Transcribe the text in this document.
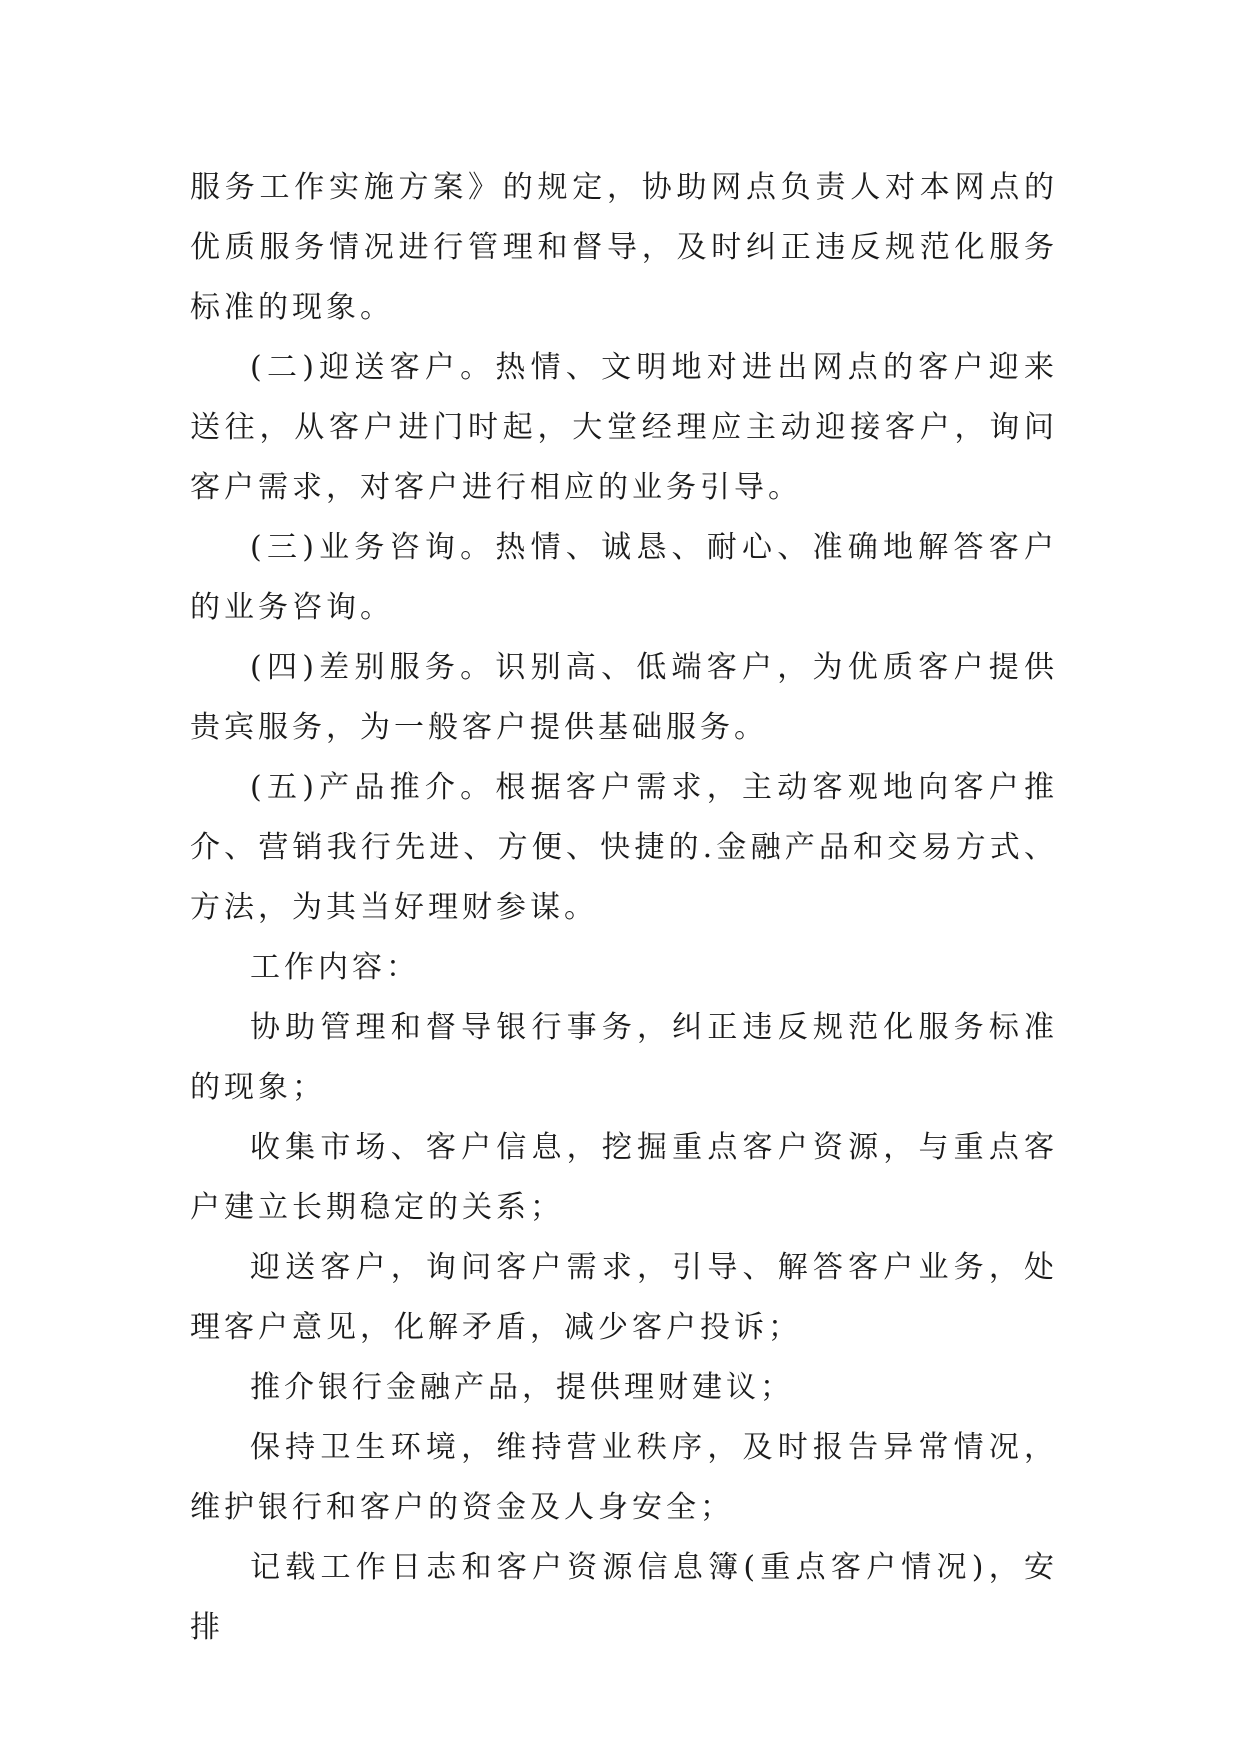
服务工作实施方案》的规定，协助网点负责人对本网点的优质服务情况进行管理和督导，及时纠正违反规范化服务标准的现象。

(二)迎送客户。热情、文明地对进出网点的客户迎来送往，从客户进门时起，大堂经理应主动迎接客户，询问客户需求，对客户进行相应的业务引导。

(三)业务咨询。热情、诚恳、耐心、准确地解答客户的业务咨询。

(四)差别服务。识别高、低端客户，为优质客户提供贵宾服务，为一般客户提供基础服务。

(五)产品推介。根据客户需求，主动客观地向客户推介、营销我行先进、方便、快捷的.金融产品和交易方式、方法，为其当好理财参谋。

工作内容：

协助管理和督导银行事务，纠正违反规范化服务标准的现象；

收集市场、客户信息，挖掘重点客户资源，与重点客户建立长期稳定的关系；

迎送客户，询问客户需求，引导、解答客户业务，处理客户意见，化解矛盾，减少客户投诉；

推介银行金融产品，提供理财建议；

保持卫生环境，维持营业秩序，及时报告异常情况，维护银行和客户的资金及人身安全；

记载工作日志和客户资源信息簿(重点客户情况)，安排
